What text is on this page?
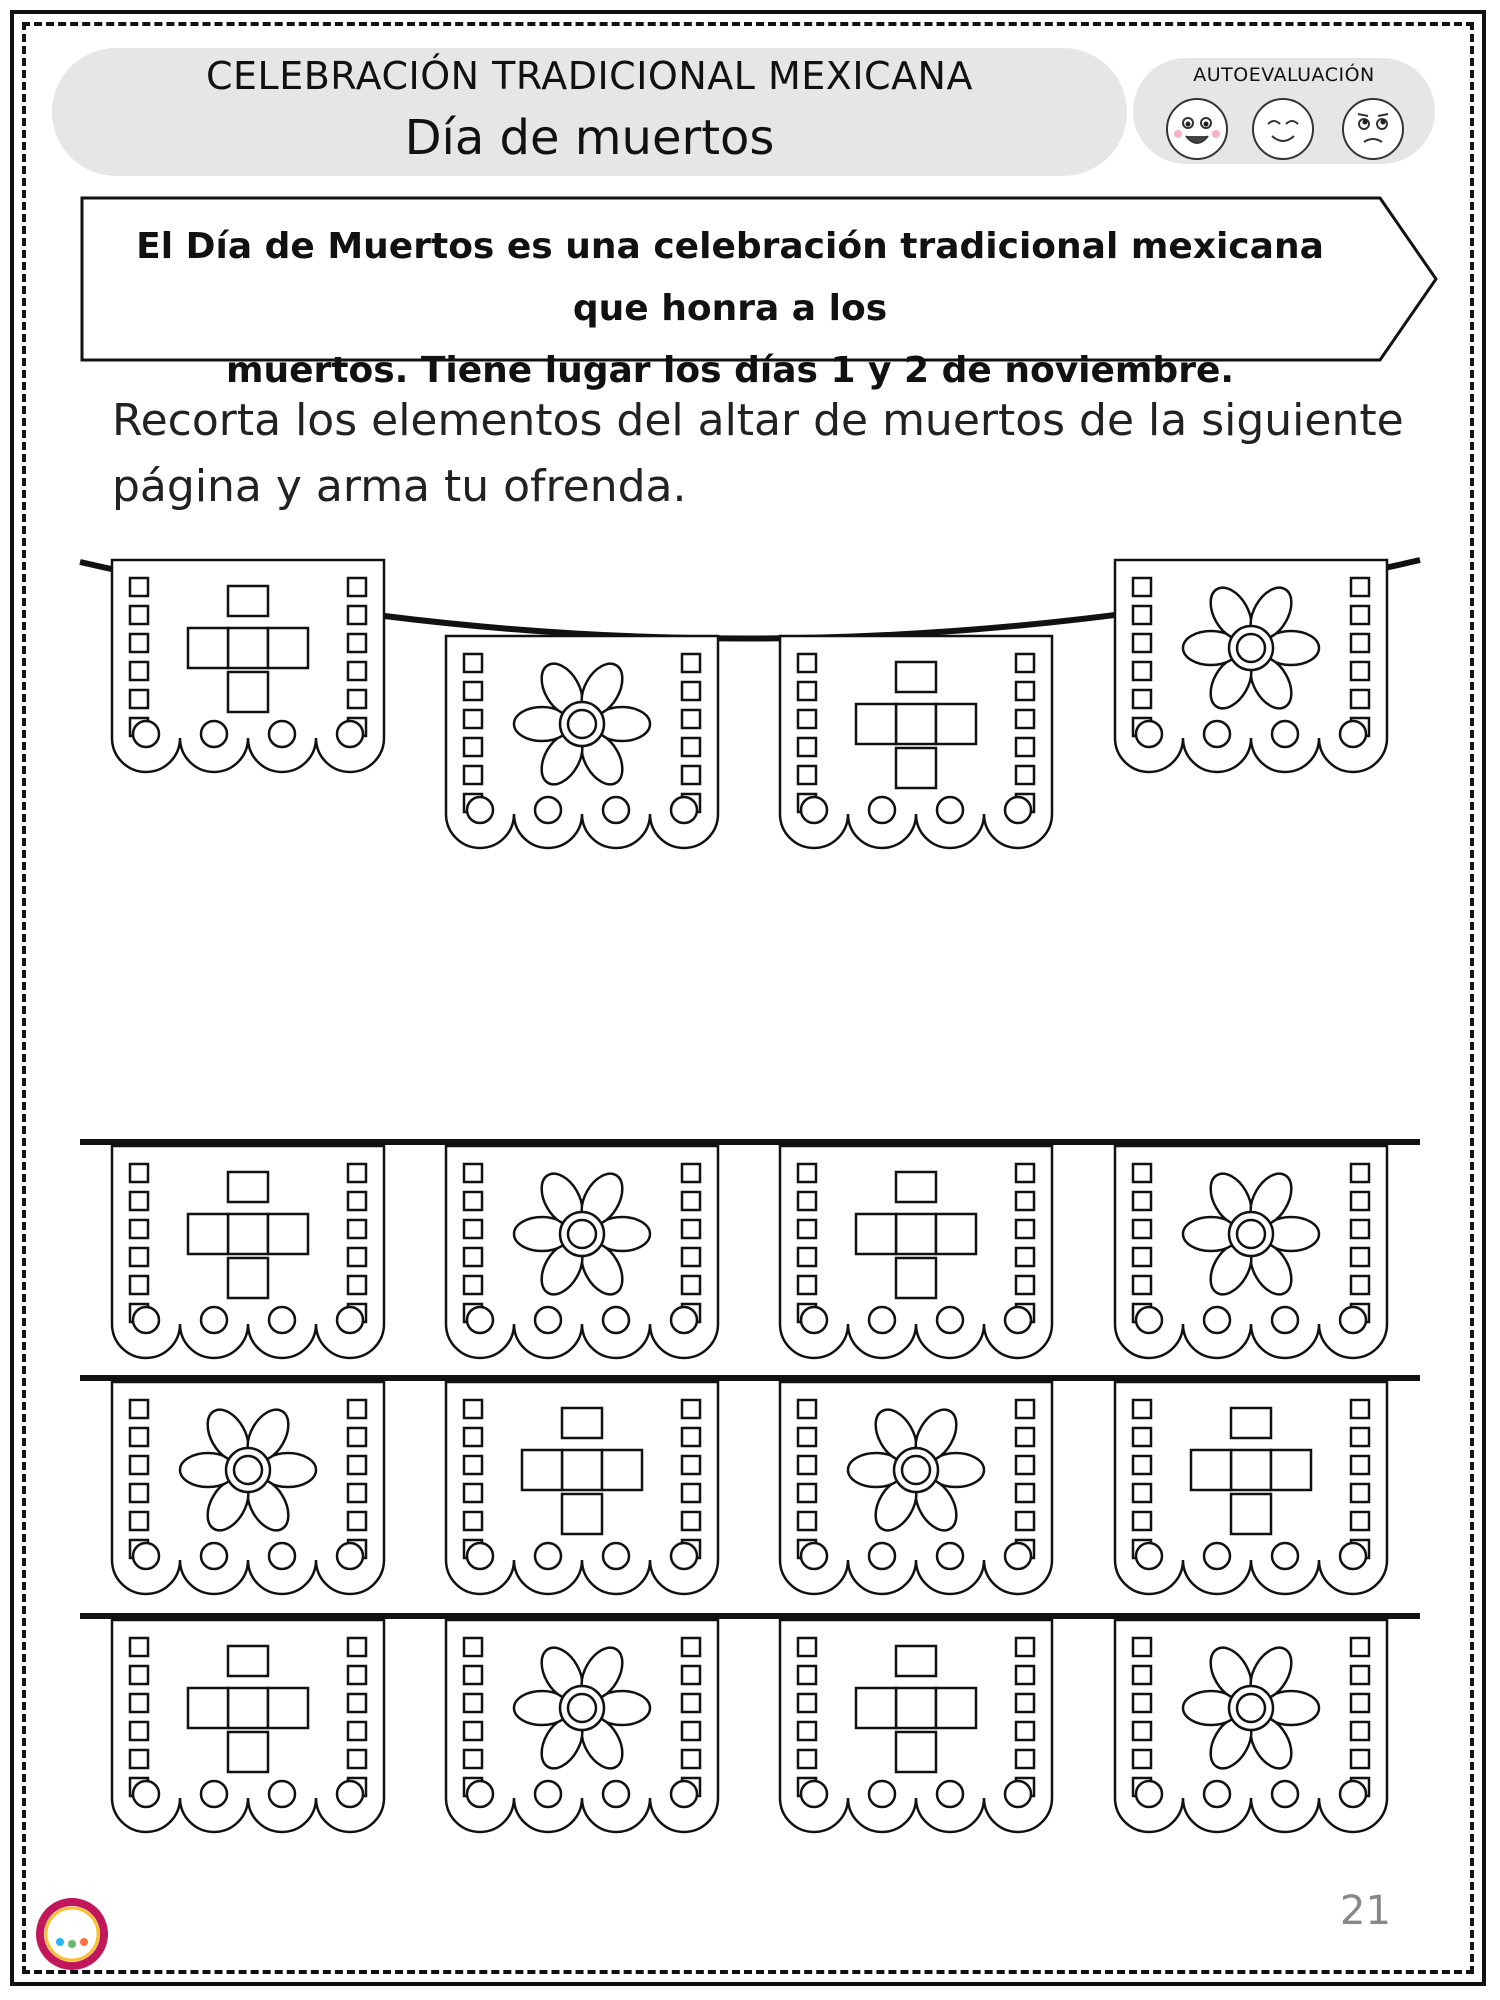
CELEBRACIÓN TRADICIONAL MEXICANA
Día de muertos
AUTOEVALUACIÓN
El Día de Muertos es una celebración tradicional mexicana que honra a los
muertos. Tiene lugar los días 1 y 2 de noviembre.
Recorta los elementos del altar de muertos de la siguiente
página y arma tu ofrenda.
21
